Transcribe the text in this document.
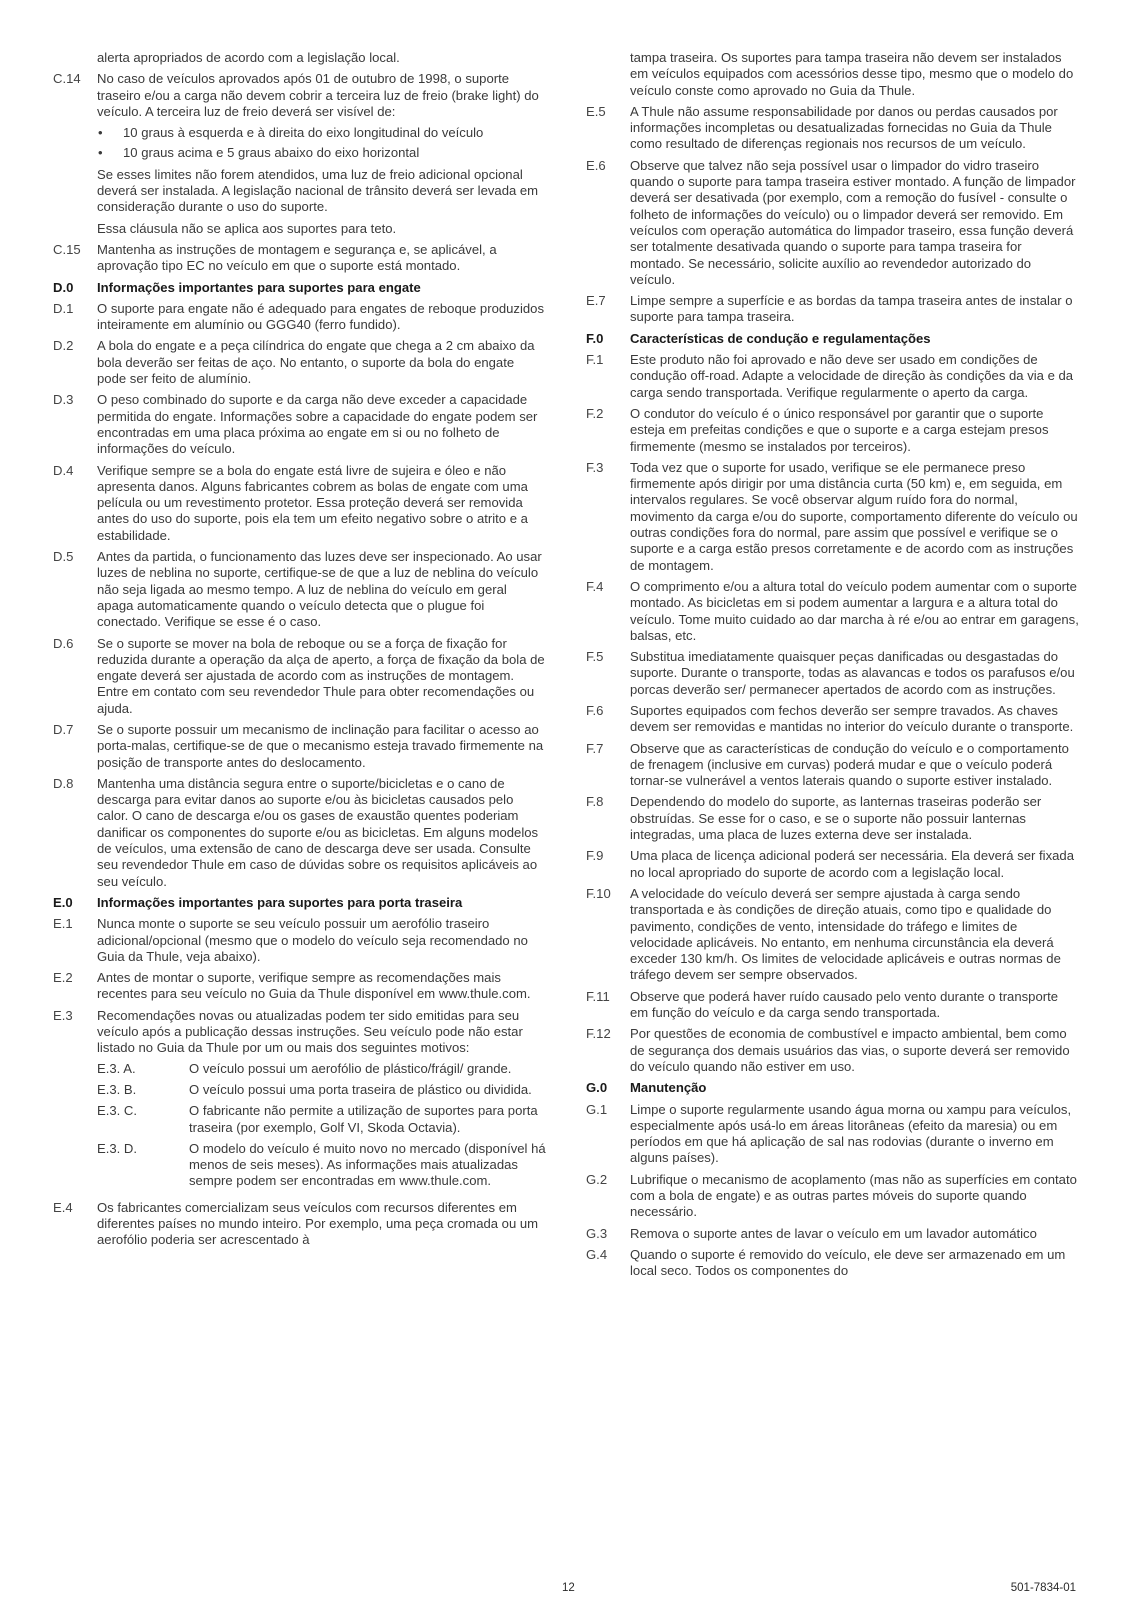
alerta apropriados de acordo com a legislação local.
C.14	No caso de veículos aprovados após 01 de outubro de 1998, o suporte traseiro e/ou a carga não devem cobrir a terceira luz de freio (brake light) do veículo. A terceira luz de freio deverá ser visível de:

•	10 graus à esquerda e à direita do eixo longitudinal do veículo
•	10 graus acima e 5 graus abaixo do eixo horizontal

Se esses limites não forem atendidos, uma luz de freio adicional opcional deverá ser instalada. A legislação nacional de trânsito deverá ser levada em consideração durante o uso do suporte.

Essa cláusula não se aplica aos suportes para teto.

C.15	Mantenha as instruções de montagem e segurança e, se aplicável, a aprovação tipo EC no veículo em que o suporte está montado.
D.0	Informações importantes para suportes para engate
D.1	O suporte para engate não é adequado para engates de reboque produzidos inteiramente em alumínio ou GGG40 (ferro fundido).
D.2	A bola do engate e a peça cilíndrica do engate que chega a 2 cm abaixo da bola deverão ser feitas de aço. No entanto, o suporte da bola do engate pode ser feito de alumínio.
D.3	O peso combinado do suporte e da carga não deve exceder a capacidade permitida do engate. Informações sobre a capacidade do engate podem ser encontradas em uma placa próxima ao engate em si ou no folheto de informações do veículo.
D.4	Verifique sempre se a bola do engate está livre de sujeira e óleo e não apresenta danos. Alguns fabricantes cobrem as bolas de engate com uma película ou um revestimento protetor. Essa proteção deverá ser removida antes do uso do suporte, pois ela tem um efeito negativo sobre o atrito e a estabilidade.
D.5	Antes da partida, o funcionamento das luzes deve ser inspecionado. Ao usar luzes de neblina no suporte, certifique-se de que a luz de neblina do veículo não seja ligada ao mesmo tempo. A luz de neblina do veículo em geral apaga automaticamente quando o veículo detecta que o plugue foi conectado. Verifique se esse é o caso.
D.6	Se o suporte se mover na bola de reboque ou se a força de fixação for reduzida durante a operação da alça de aperto, a força de fixação da bola de engate deverá ser ajustada de acordo com as instruções de montagem. Entre em contato com seu revendedor Thule para obter recomendações ou ajuda.
D.7	Se o suporte possuir um mecanismo de inclinação para facilitar o acesso ao porta-malas, certifique-se de que o mecanismo esteja travado firmemente na posição de transporte antes do deslocamento.
D.8	Mantenha uma distância segura entre o suporte/bicicletas e o cano de descarga para evitar danos ao suporte e/ou às bicicletas causados pelo calor. O cano de descarga e/ou os gases de exaustão quentes poderiam danificar os componentes do suporte e/ou as bicicletas. Em alguns modelos de veículos, uma extensão de cano de descarga deve ser usada. Consulte seu revendedor Thule em caso de dúvidas sobre os requisitos aplicáveis ao seu veículo.
E.0	Informações importantes para suportes para porta traseira
E.1	Nunca monte o suporte se seu veículo possuir um aerofólio traseiro adicional/opcional (mesmo que o modelo do veículo seja recomendado no Guia da Thule, veja abaixo).
E.2	Antes de montar o suporte, verifique sempre as recomendações mais recentes para seu veículo no Guia da Thule disponível em www.thule.com.
E.3	Recomendações novas ou atualizadas podem ter sido emitidas para seu veículo após a publicação dessas instruções. Seu veículo pode não estar listado no Guia da Thule por um ou mais dos seguintes motivos:
E.3. A.	O veículo possui um aerofólio de plástico/frágil/ grande.
E.3. B.	O veículo possui uma porta traseira de plástico ou dividida.
E.3. C.	O fabricante não permite a utilização de suportes para porta traseira (por exemplo, Golf VI, Skoda Octavia).
E.3. D.	O modelo do veículo é muito novo no mercado (disponível há menos de seis meses). As informações mais atualizadas sempre podem ser encontradas em www.thule.com.
E.4	Os fabricantes comercializam seus veículos com recursos diferentes em diferentes países no mundo inteiro. Por exemplo, uma peça cromada ou um aerofólio poderia ser acrescentado à
tampa traseira. Os suportes para tampa traseira não devem ser instalados em veículos equipados com acessórios desse tipo, mesmo que o modelo do veículo conste como aprovado no Guia da Thule.
E.5	A Thule não assume responsabilidade por danos ou perdas causados por informações incompletas ou desatualizadas fornecidas no Guia da Thule como resultado de diferenças regionais nos recursos de um veículo.
E.6	Observe que talvez não seja possível usar o limpador do vidro traseiro quando o suporte para tampa traseira estiver montado. A função de limpador deverá ser desativada (por exemplo, com a remoção do fusível - consulte o folheto de informações do veículo) ou o limpador deverá ser removido. Em veículos com operação automática do limpador traseiro, essa função deverá ser totalmente desativada quando o suporte para tampa traseira for montado. Se necessário, solicite auxílio ao revendedor autorizado do veículo.
E.7	Limpe sempre a superfície e as bordas da tampa traseira antes de instalar o suporte para tampa traseira.
F.0	Características de condução e regulamentações
F.1	Este produto não foi aprovado e não deve ser usado em condições de condução off-road. Adapte a velocidade de direção às condições da via e da carga sendo transportada. Verifique regularmente o aperto da carga.
F.2	O condutor do veículo é o único responsável por garantir que o suporte esteja em prefeitas condições e que o suporte e a carga estejam presos firmemente (mesmo se instalados por terceiros).
F.3	Toda vez que o suporte for usado, verifique se ele permanece preso firmemente após dirigir por uma distância curta (50 km) e, em seguida, em intervalos regulares. Se você observar algum ruído fora do normal, movimento da carga e/ou do suporte, comportamento diferente do veículo ou outras condições fora do normal, pare assim que possível e verifique se o suporte e a carga estão presos corretamente e de acordo com as instruções de montagem.
F.4	O comprimento e/ou a altura total do veículo podem aumentar com o suporte montado. As bicicletas em si podem aumentar a largura e a altura total do veículo. Tome muito cuidado ao dar marcha à ré e/ou ao entrar em garagens, balsas, etc.
F.5	Substitua imediatamente quaisquer peças danificadas ou desgastadas do suporte. Durante o transporte, todas as alavancas e todos os parafusos e/ou porcas deverão ser/ permanecer apertados de acordo com as instruções.
F.6	Suportes equipados com fechos deverão ser sempre travados. As chaves devem ser removidas e mantidas no interior do veículo durante o transporte.
F.7	Observe que as características de condução do veículo e o comportamento de frenagem (inclusive em curvas) poderá mudar e que o veículo poderá tornar-se vulnerável a ventos laterais quando o suporte estiver instalado.
F.8	Dependendo do modelo do suporte, as lanternas traseiras poderão ser obstruídas. Se esse for o caso, e se o suporte não possuir lanternas integradas, uma placa de luzes externa deve ser instalada.
F.9	Uma placa de licença adicional poderá ser necessária. Ela deverá ser fixada no local apropriado do suporte de acordo com a legislação local.
F.10	A velocidade do veículo deverá ser sempre ajustada à carga sendo transportada e às condições de direção atuais, como tipo e qualidade do pavimento, condições de vento, intensidade do tráfego e limites de velocidade aplicáveis. No entanto, em nenhuma circunstância ela deverá exceder 130 km/h. Os limites de velocidade aplicáveis e outras normas de tráfego devem ser sempre observados.
F.11	Observe que poderá haver ruído causado pelo vento durante o transporte em função do veículo e da carga sendo transportada.
F.12	Por questões de economia de combustível e impacto ambiental, bem como de segurança dos demais usuários das vias, o suporte deverá ser removido do veículo quando não estiver em uso.
G.0	Manutenção
G.1	Limpe o suporte regularmente usando água morna ou xampu para veículos, especialmente após usá-lo em áreas litorâneas (efeito da maresia) ou em períodos em que há aplicação de sal nas rodovias (durante o inverno em alguns países).
G.2	Lubrifique o mecanismo de acoplamento (mas não as superfícies em contato com a bola de engate) e as outras partes móveis do suporte quando necessário.
G.3	Remova o suporte antes de lavar o veículo em um lavador automático
G.4	Quando o suporte é removido do veículo, ele deve ser armazenado em um local seco. Todos os componentes do
12	501-7834-01
